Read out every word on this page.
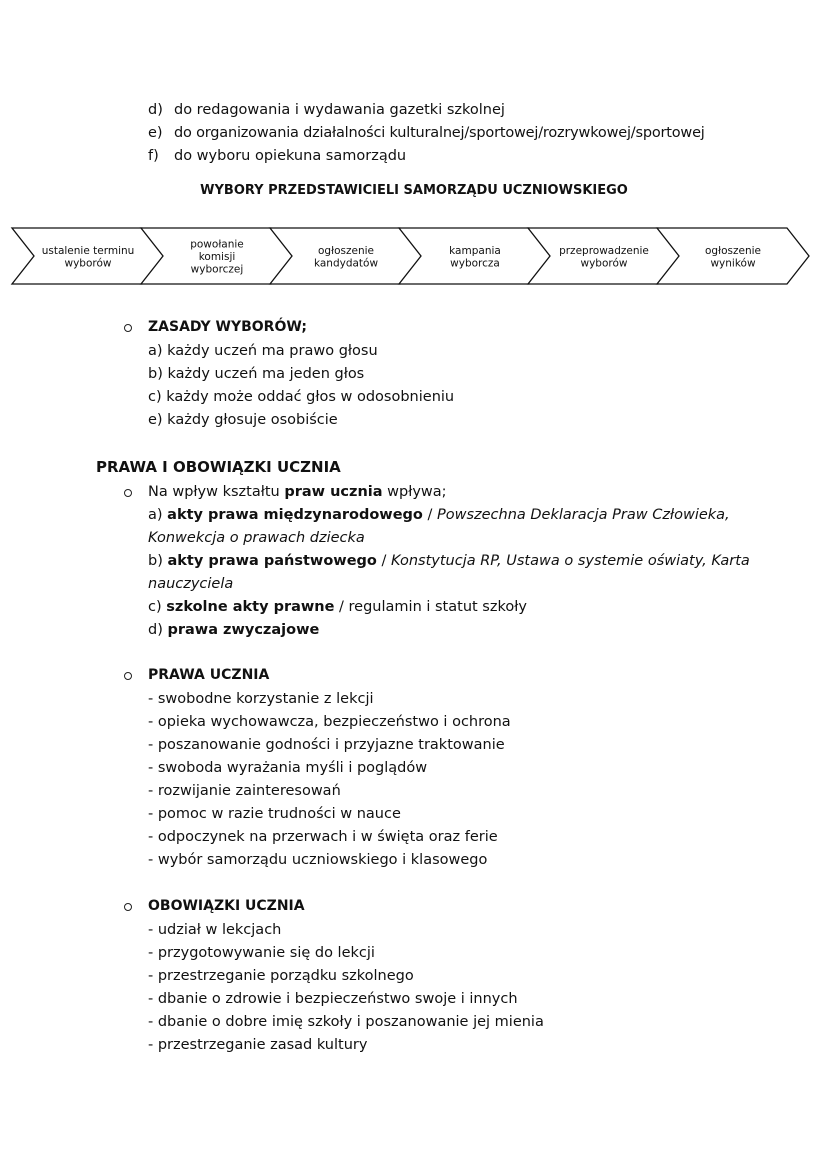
d) do redagowania i wydawania gazetki szkolnej
e) do organizowania działalności kulturalnej/sportowej/rozrywkowej/sportowej
f) do wyboru opiekuna samorządu
WYBORY PRZEDSTAWICIELI SAMORZĄDU UCZNIOWSKIEGO
ustalenie terminu
wyborów
powołanie
komisji
wyborczej
ogłoszenie
kandydatów
kampania
wyborcza
przeprowadzenie
wyborów
ogłoszenie
wyników
ZASADY WYBORÓW;
a) każdy uczeń ma prawo głosu
b) każdy uczeń ma jeden głos
c) każdy może oddać głos w odosobnieniu
e) każdy głosuje osobiście
PRAWA I OBOWIĄZKI UCZNIA
Na wpływ kształtu praw ucznia wpływa;
a) akty prawa międzynarodowego / Powszechna Deklaracja Praw Człowieka,
Konwekcja o prawach dziecka
b) akty prawa państwowego / Konstytucja RP, Ustawa o systemie oświaty, Karta
nauczyciela
c) szkolne akty prawne / regulamin i statut szkoły
d) prawa zwyczajowe
PRAWA UCZNIA
- swobodne korzystanie z lekcji
- opieka wychowawcza, bezpieczeństwo i ochrona
- poszanowanie godności i przyjazne traktowanie
- swoboda wyrażania myśli i poglądów
- rozwijanie zainteresowań
- pomoc w razie trudności w nauce
- odpoczynek na przerwach i w święta oraz ferie
- wybór samorządu uczniowskiego i klasowego
OBOWIĄZKI UCZNIA
- udział w lekcjach
- przygotowywanie się do lekcji
- przestrzeganie porządku szkolnego
- dbanie o zdrowie i bezpieczeństwo swoje i innych
- dbanie o dobre imię szkoły i poszanowanie jej mienia
- przestrzeganie zasad kultury
